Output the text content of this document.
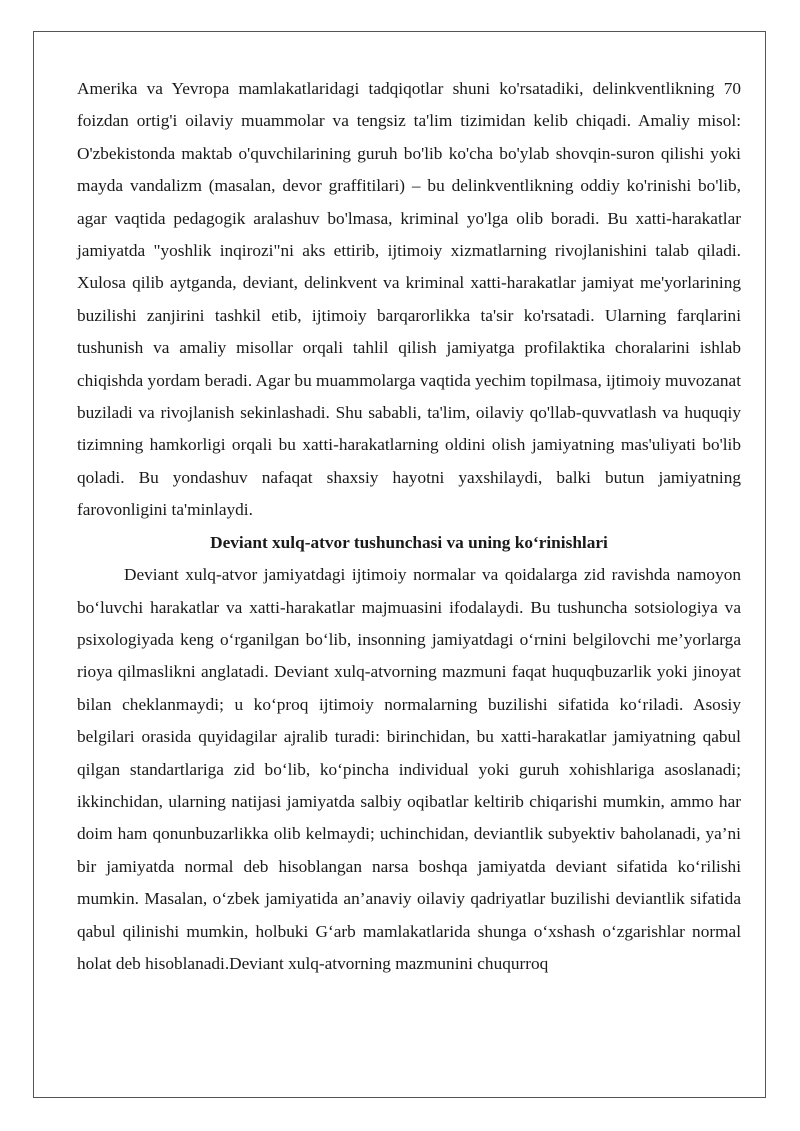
Amerika va Yevropa mamlakatlaridagi tadqiqotlar shuni ko'rsatadiki, delinkventlikning 70 foizdan ortig'i oilaviy muammolar va tengsiz ta'lim tizimidan kelib chiqadi. Amaliy misol: O'zbekistonda maktab o'quvchilarining guruh bo'lib ko'cha bo'ylab shovqin-suron qilishi yoki mayda vandalizm (masalan, devor graffitilari) – bu delinkventlikning oddiy ko'rinishi bo'lib, agar vaqtida pedagogik aralashuv bo'lmasa, kriminal yo'lga olib boradi. Bu xatti-harakatlar jamiyatda "yoshlik inqirozi"ni aks ettirib, ijtimoiy xizmatlarning rivojlanishini talab qiladi. Xulosa qilib aytganda, deviant, delinkvent va kriminal xatti-harakatlar jamiyat me'yorlarining buzilishi zanjirini tashkil etib, ijtimoiy barqarorlikka ta'sir ko'rsatadi. Ularning farqlarini tushunish va amaliy misollar orqali tahlil qilish jamiyatga profilaktika choralarini ishlab chiqishda yordam beradi. Agar bu muammolarga vaqtida yechim topilmasa, ijtimoiy muvozanat buziladi va rivojlanish sekinlashadi. Shu sababli, ta'lim, oilaviy qo'llab-quvvatlash va huquqiy tizimning hamkorligi orqali bu xatti-harakatlarning oldini olish jamiyatning mas'uliyati bo'lib qoladi. Bu yondashuv nafaqat shaxsiy hayotni yaxshilaydi, balki butun jamiyatning farovonligini ta'minlaydi.

Deviant xulq-atvor tushunchasi va uning ko‘rinishlari

Deviant xulq-atvor jamiyatdagi ijtimoiy normalar va qoidalarga zid ravishda namoyon bo‘luvchi harakatlar va xatti-harakatlar majmuasini ifodalaydi. Bu tushuncha sotsiologiya va psixologiyada keng o‘rganilgan bo‘lib, insonning jamiyatdagi o‘rnini belgilovchi me’yorlarga rioya qilmaslikni anglatadi. Deviant xulq-atvorning mazmuni faqat huquqbuzarlik yoki jinoyat bilan cheklanmaydi; u ko‘proq ijtimoiy normalarning buzilishi sifatida ko‘riladi. Asosiy belgilari orasida quyidagilar ajralib turadi: birinchidan, bu xatti-harakatlar jamiyatning qabul qilgan standartlariga zid bo‘lib, ko‘pincha individual yoki guruh xohishlariga asoslanadi; ikkinchidan, ularning natijasi jamiyatda salbiy oqibatlar keltirib chiqarishi mumkin, ammo har doim ham qonunbuzarlikka olib kelmaydi; uchinchidan, deviantlik subyektiv baholanadi, ya’ni bir jamiyatda normal deb hisoblangan narsa boshqa jamiyatda deviant sifatida ko‘rilishi mumkin. Masalan, o‘zbek jamiyatida an’anaviy oilaviy qadriyatlar buzilishi deviantlik sifatida qabul qilinishi mumkin, holbuki G‘arb mamlakatlarida shunga o‘xshash o‘zgarishlar normal holat deb hisoblanadi.Deviant xulq-atvorning mazmunini chuqurroq
